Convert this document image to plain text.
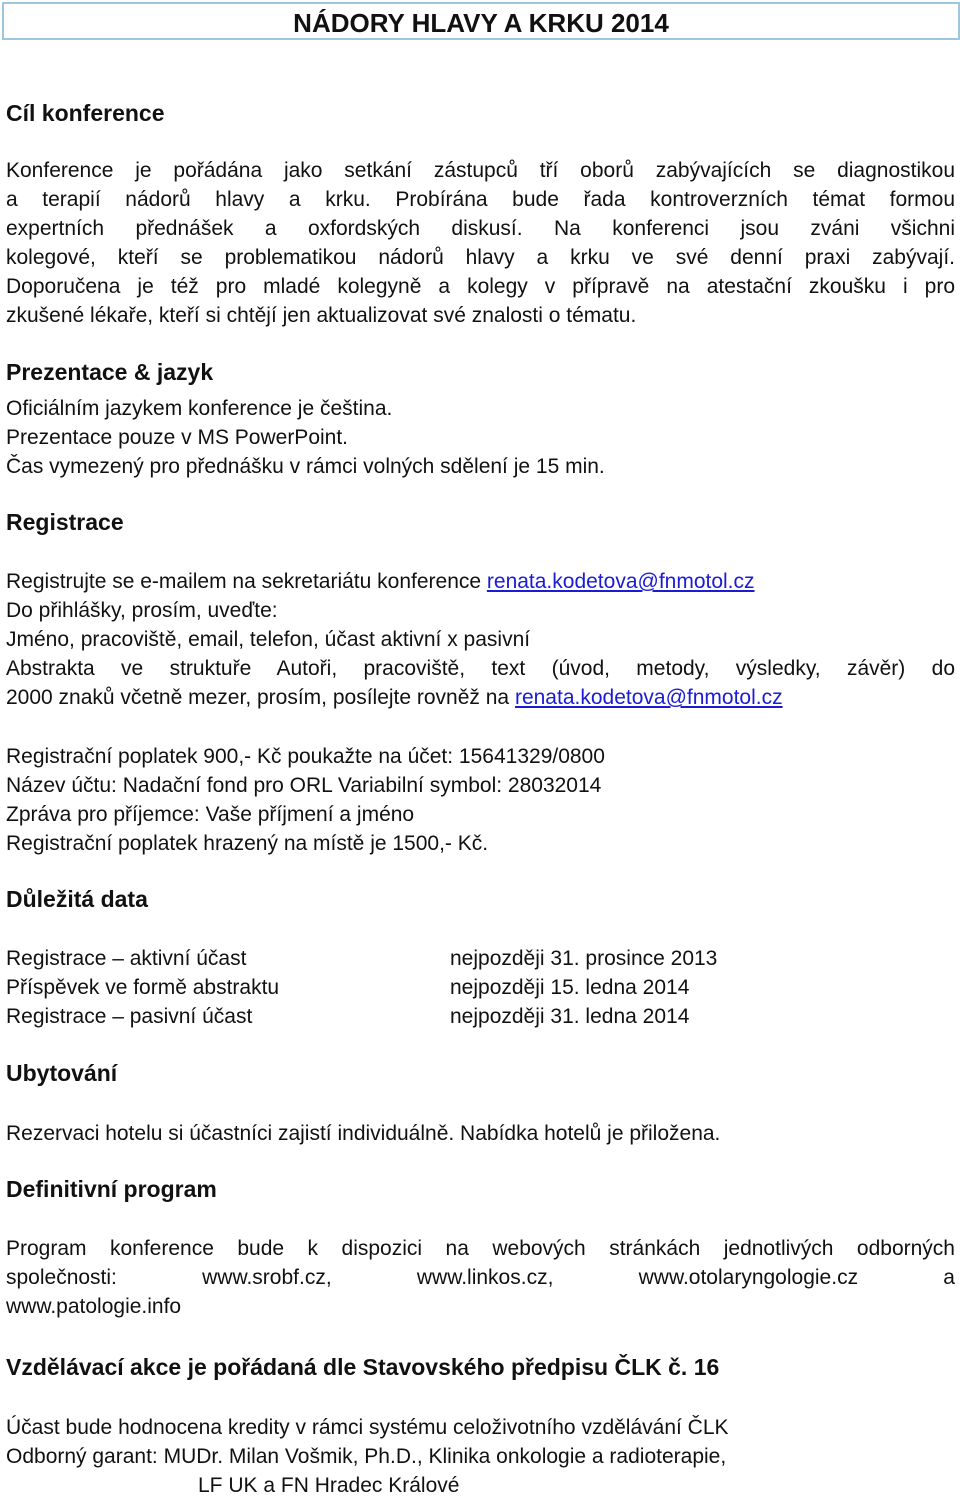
NÁDORY HLAVY A KRKU 2014
Cíl konference
Konference je pořádána jako setkání zástupců tří oborů zabývajících se diagnostikou
a terapií nádorů hlavy a krku. Probírána bude řada kontroverzních témat formou
expertních přednášek a oxfordských diskusí. Na konferenci jsou zváni všichni
kolegové, kteří se problematikou nádorů hlavy a krku ve své denní praxi zabývají.
Doporučena je též pro mladé kolegyně a kolegy v přípravě na atestační zkoušku i pro
zkušené lékaře, kteří si chtějí jen aktualizovat své znalosti o tématu.
Prezentace & jazyk
Oficiálním jazykem konference je čeština.
Prezentace pouze v MS PowerPoint.
Čas vymezený pro přednášku v rámci volných sdělení je 15 min.
Registrace
Registrujte se e-mailem na sekretariátu konference renata.kodetova@fnmotol.cz
Do přihlášky, prosím, uveďte:
Jméno, pracoviště, email, telefon, účast aktivní x pasivní
Abstrakta ve struktuře Autoři, pracoviště, text (úvod, metody, výsledky, závěr) do
2000 znaků včetně mezer, prosím, posílejte rovněž na renata.kodetova@fnmotol.cz
Registrační poplatek 900,- Kč poukažte na účet: 15641329/0800
Název účtu: Nadační fond pro ORL Variabilní symbol: 28032014
Zpráva pro příjemce: Vaše příjmení a jméno
Registrační poplatek hrazený na místě je 1500,- Kč.
Důležitá data
Registrace – aktivní účast	nejpozději 31. prosince 2013
Příspěvek ve formě abstraktu	nejpozději 15. ledna 2014
Registrace – pasivní účast	nejpozději 31. ledna 2014
Ubytování
Rezervaci hotelu si účastníci zajistí individuálně. Nabídka hotelů je přiložena.
Definitivní program
Program konference bude k dispozici na webových stránkách jednotlivých odborných
společnosti:	www.srobf.cz,	www.linkos.cz,	www.otolaryngologie.cz	a
www.patologie.info
Vzdělávací akce je pořádaná dle Stavovského předpisu ČLK č. 16
Účast bude hodnocena kredity v rámci systému celoživotního vzdělávání ČLK
Odborný garant: MUDr. Milan Vošmik, Ph.D., Klinika onkologie a radioterapie,
LF UK a FN Hradec Králové
